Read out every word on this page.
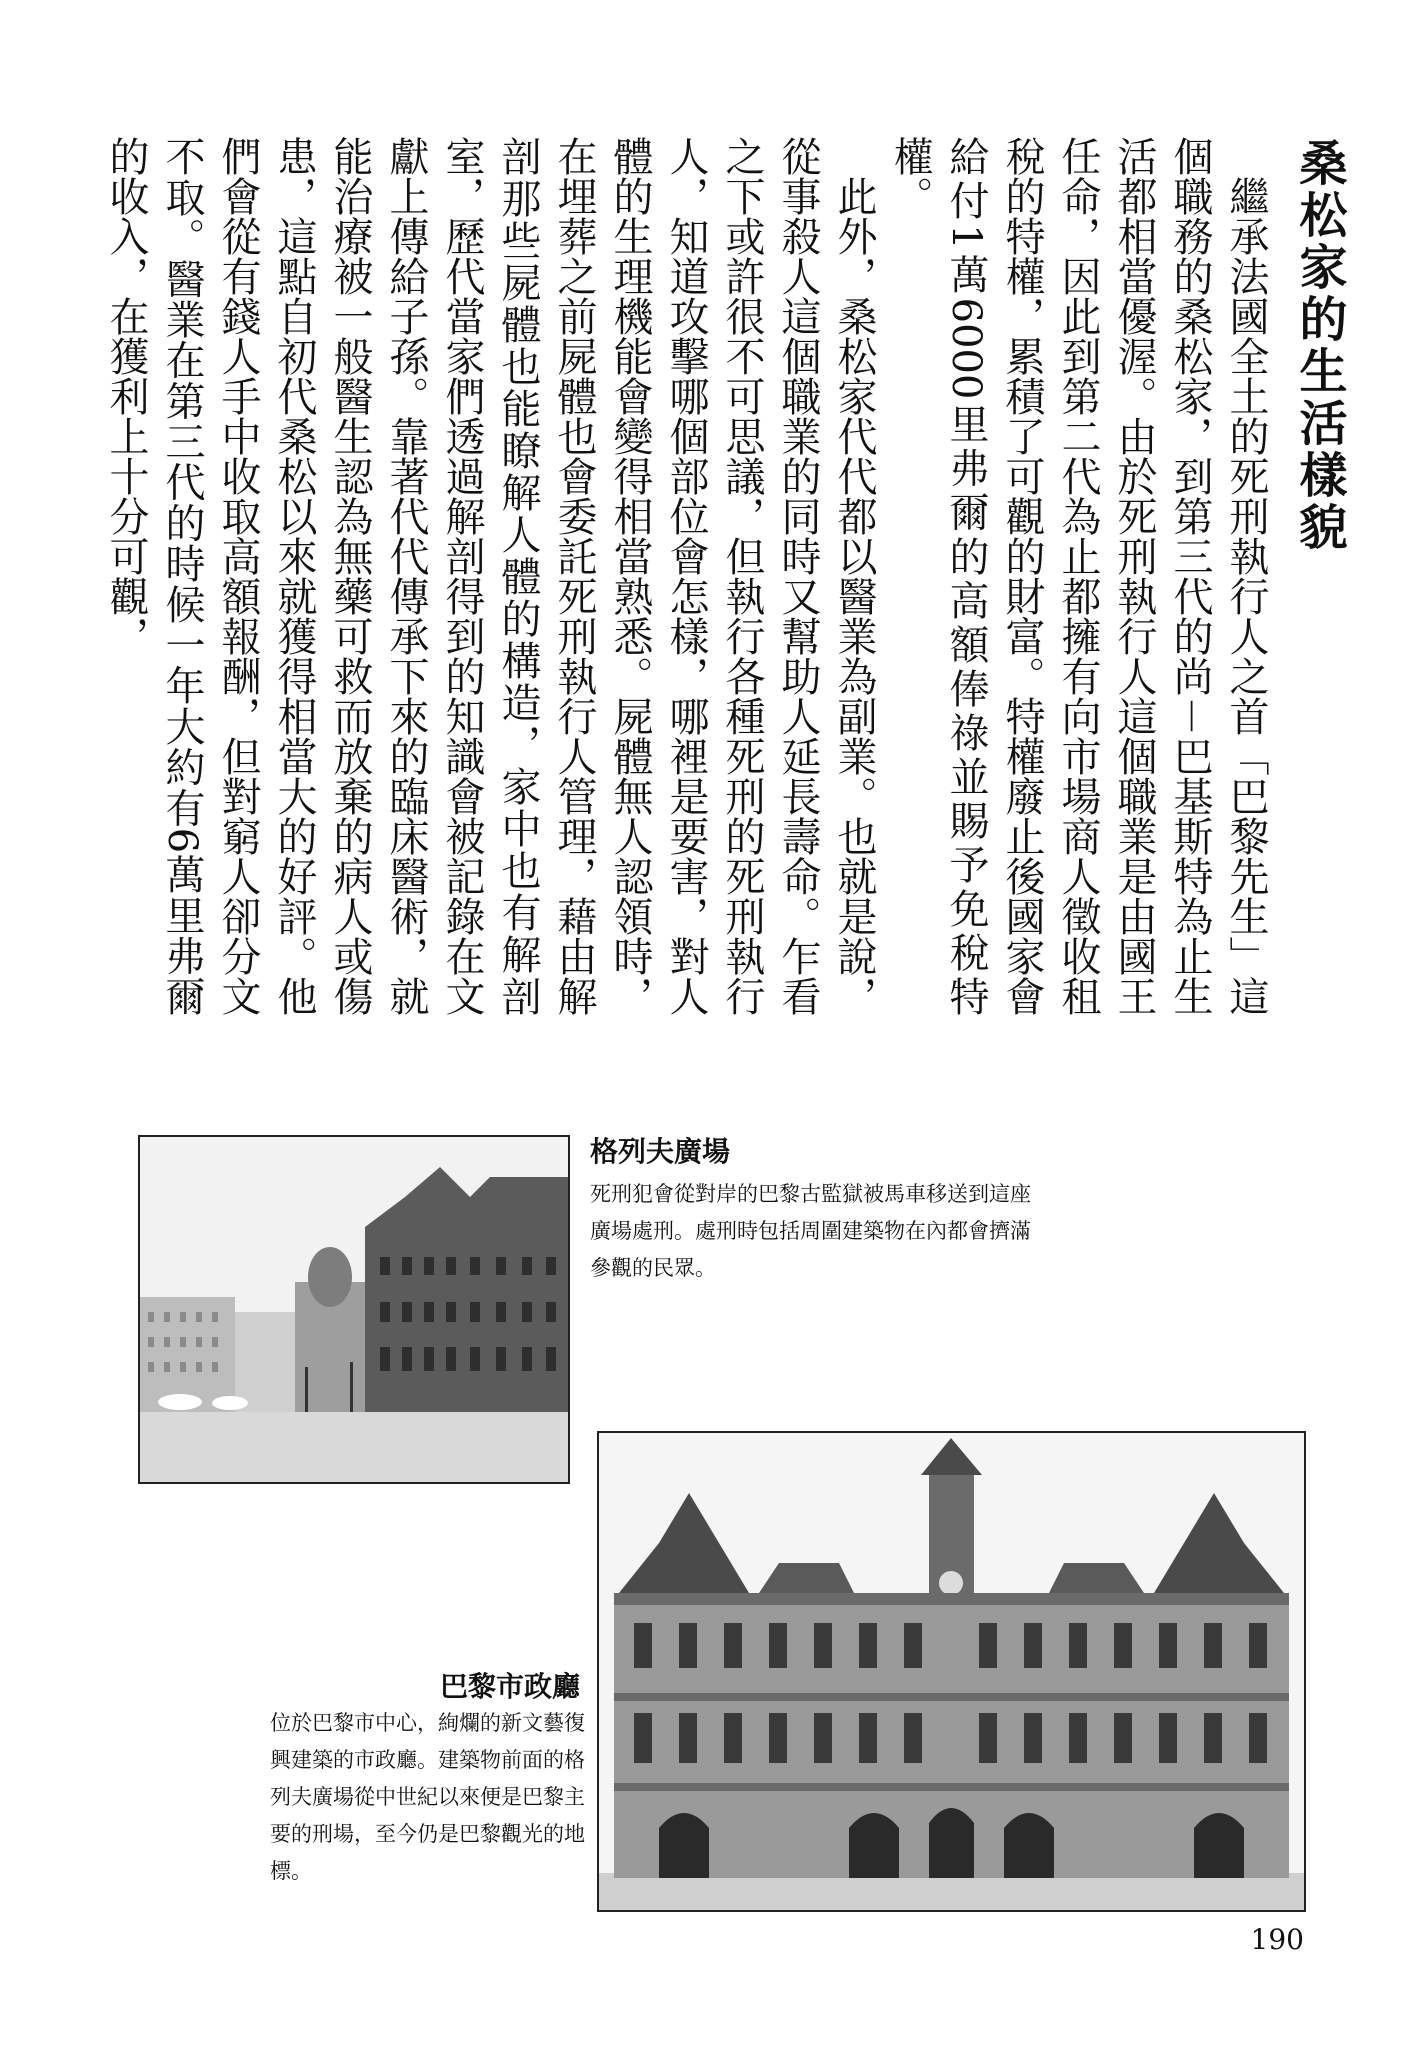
桑松家的生活樣貌

繼承法國全土的死刑執行人之首「巴黎先生」這個職務的桑松家，到第三代的尚－巴基斯特為止生活都相當優渥。由於死刑執行人這個職業是由國王任命，因此到第二代為止都擁有向市場商人徵收租稅的特權，累積了可觀的財富。特權廢止後國家會給付1萬6000里弗爾的高額俸祿並賜予免稅特權。

此外，桑松家代代都以醫業為副業。也就是說，從事殺人這個職業的同時又幫助人延長壽命。乍看之下或許很不可思議，但執行各種死刑的死刑執行人，知道攻擊哪個部位會怎樣，哪裡是要害，對人體的生理機能會變得相當熟悉。屍體無人認領時，在埋葬之前屍體也會委託死刑執行人管理，藉由解剖那些屍體也能瞭解人體的構造，家中也有解剖室，歷代當家們透過解剖得到的知識會被記錄在文獻上傳給子孫。靠著代代傳承下來的臨床醫術，就能治療被一般醫生認為無藥可救而放棄的病人或傷患，這點自初代桑松以來就獲得相當大的好評。他們會從有錢人手中收取高額報酬，但對窮人卻分文不取。醫業在第三代的時候一年大約有6萬里弗爾的收入，在獲利上十分可觀，

格列夫廣場

死刑犯會從對岸的巴黎古監獄被馬車移送到這座廣場處刑。處刑時包括周圍建築物在內都會擠滿參觀的民眾。

巴黎市政廳

位於巴黎市中心，絢爛的新文藝復興建築的市政廳。建築物前面的格列夫廣場從中世紀以來便是巴黎主要的刑場，至今仍是巴黎觀光的地標。

190
